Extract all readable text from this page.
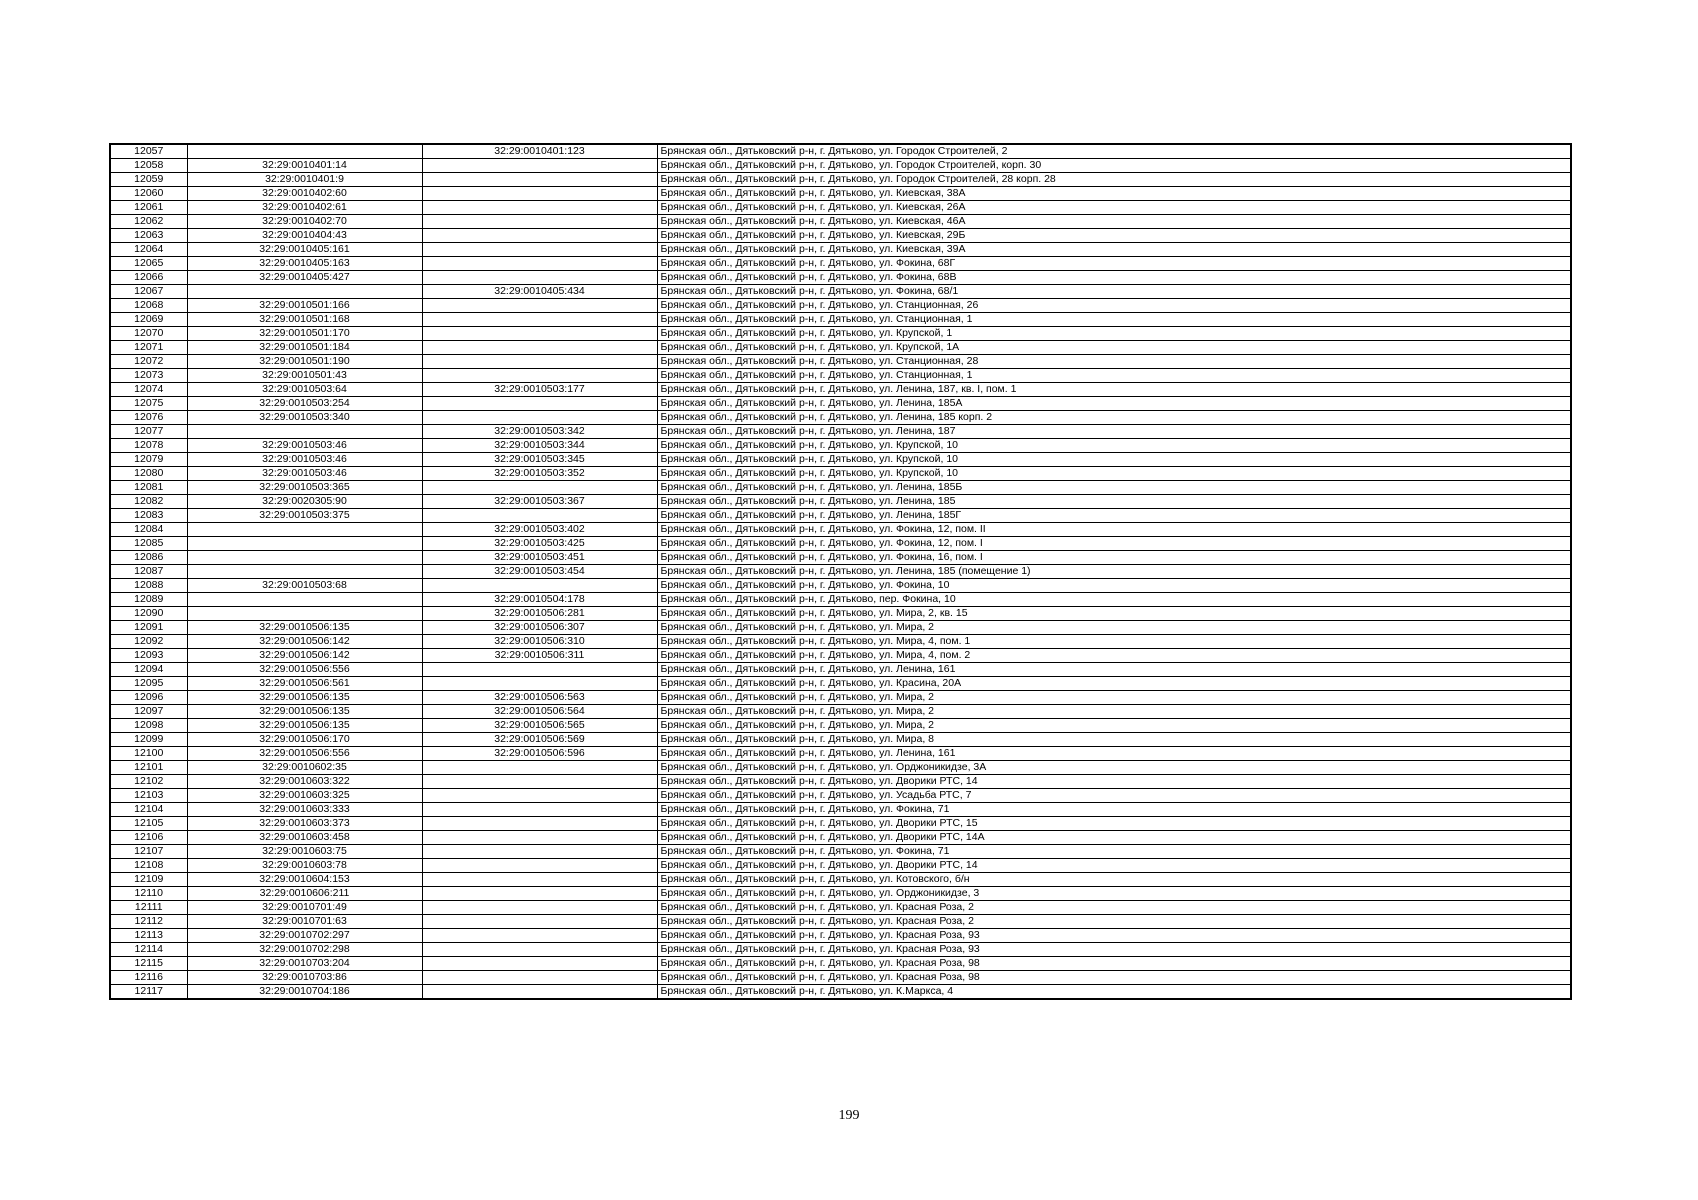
12057		32:29:0010401:123	Брянская обл., Дятьковский р-н, г. Дятьково, ул. Городок Строителей, 2
12058	32:29:0010401:14		Брянская обл., Дятьковский р-н, г. Дятьково, ул. Городок Строителей, корп. 30
12059	32:29:0010401:9		Брянская обл., Дятьковский р-н, г. Дятьково, ул. Городок Строителей, 28 корп. 28
12060	32:29:0010402:60		Брянская обл., Дятьковский р-н, г. Дятьково, ул. Киевская, 38А
12061	32:29:0010402:61		Брянская обл., Дятьковский р-н, г. Дятьково, ул. Киевская, 26А
12062	32:29:0010402:70		Брянская обл., Дятьковский р-н, г. Дятьково, ул. Киевская, 46А
12063	32:29:0010404:43		Брянская обл., Дятьковский р-н, г. Дятьково, ул. Киевская, 29Б
12064	32:29:0010405:161		Брянская обл., Дятьковский р-н, г. Дятьково, ул. Киевская, 39А
12065	32:29:0010405:163		Брянская обл., Дятьковский р-н, г. Дятьково, ул. Фокина, 68Г
12066	32:29:0010405:427		Брянская обл., Дятьковский р-н, г. Дятьково, ул. Фокина, 68В
12067		32:29:0010405:434	Брянская обл., Дятьковский р-н, г. Дятьково, ул. Фокина, 68/1
12068	32:29:0010501:166		Брянская обл., Дятьковский р-н, г. Дятьково, ул. Станционная, 26
12069	32:29:0010501:168		Брянская обл., Дятьковский р-н, г. Дятьково, ул. Станционная, 1
12070	32:29:0010501:170		Брянская обл., Дятьковский р-н, г. Дятьково, ул. Крупской, 1
12071	32:29:0010501:184		Брянская обл., Дятьковский р-н, г. Дятьково, ул. Крупской, 1А
12072	32:29:0010501:190		Брянская обл., Дятьковский р-н, г. Дятьково, ул. Станционная, 28
12073	32:29:0010501:43		Брянская обл., Дятьковский р-н, г. Дятьково, ул. Станционная, 1
12074	32:29:0010503:64	32:29:0010503:177	Брянская обл., Дятьковский р-н, г. Дятьково, ул. Ленина, 187, кв. I, пом. 1
12075	32:29:0010503:254		Брянская обл., Дятьковский р-н, г. Дятьково, ул. Ленина, 185А
12076	32:29:0010503:340		Брянская обл., Дятьковский р-н, г. Дятьково, ул. Ленина, 185 корп. 2
12077		32:29:0010503:342	Брянская обл., Дятьковский р-н, г. Дятьково, ул. Ленина, 187
12078	32:29:0010503:46	32:29:0010503:344	Брянская обл., Дятьковский р-н, г. Дятьково, ул. Крупской, 10
12079	32:29:0010503:46	32:29:0010503:345	Брянская обл., Дятьковский р-н, г. Дятьково, ул. Крупской, 10
12080	32:29:0010503:46	32:29:0010503:352	Брянская обл., Дятьковский р-н, г. Дятьково, ул. Крупской, 10
12081	32:29:0010503:365		Брянская обл., Дятьковский р-н, г. Дятьково, ул. Ленина, 185Б
12082	32:29:0020305:90	32:29:0010503:367	Брянская обл., Дятьковский р-н, г. Дятьково, ул. Ленина, 185
12083	32:29:0010503:375		Брянская обл., Дятьковский р-н, г. Дятьково, ул. Ленина, 185Г
12084		32:29:0010503:402	Брянская обл., Дятьковский р-н, г. Дятьково, ул. Фокина, 12, пом. II
12085		32:29:0010503:425	Брянская обл., Дятьковский р-н, г. Дятьково, ул. Фокина, 12, пом. I
12086		32:29:0010503:451	Брянская обл., Дятьковский р-н, г. Дятьково, ул. Фокина, 16, пом. I
12087		32:29:0010503:454	Брянская обл., Дятьковский р-н, г. Дятьково, ул. Ленина, 185 (помещение 1)
12088	32:29:0010503:68		Брянская обл., Дятьковский р-н, г. Дятьково, ул. Фокина, 10
12089		32:29:0010504:178	Брянская обл., Дятьковский р-н, г. Дятьково, пер. Фокина, 10
12090		32:29:0010506:281	Брянская обл., Дятьковский р-н, г. Дятьково, ул. Мира, 2, кв. 15
12091	32:29:0010506:135	32:29:0010506:307	Брянская обл., Дятьковский р-н, г. Дятьково, ул. Мира, 2
12092	32:29:0010506:142	32:29:0010506:310	Брянская обл., Дятьковский р-н, г. Дятьково, ул. Мира, 4, пом. 1
12093	32:29:0010506:142	32:29:0010506:311	Брянская обл., Дятьковский р-н, г. Дятьково, ул. Мира, 4, пом. 2
12094	32:29:0010506:556		Брянская обл., Дятьковский р-н, г. Дятьково, ул. Ленина, 161
12095	32:29:0010506:561		Брянская обл., Дятьковский р-н, г. Дятьково, ул. Красина, 20А
12096	32:29:0010506:135	32:29:0010506:563	Брянская обл., Дятьковский р-н, г. Дятьково, ул. Мира, 2
12097	32:29:0010506:135	32:29:0010506:564	Брянская обл., Дятьковский р-н, г. Дятьково, ул. Мира, 2
12098	32:29:0010506:135	32:29:0010506:565	Брянская обл., Дятьковский р-н, г. Дятьково, ул. Мира, 2
12099	32:29:0010506:170	32:29:0010506:569	Брянская обл., Дятьковский р-н, г. Дятьково, ул. Мира, 8
12100	32:29:0010506:556	32:29:0010506:596	Брянская обл., Дятьковский р-н, г. Дятьково, ул. Ленина, 161
12101	32:29:0010602:35		Брянская обл., Дятьковский р-н, г. Дятьково, ул. Орджоникидзе, 3А
12102	32:29:0010603:322		Брянская обл., Дятьковский р-н, г. Дятьково, ул. Дворики РТС, 14
12103	32:29:0010603:325		Брянская обл., Дятьковский р-н, г. Дятьково, ул. Усадьба РТС, 7
12104	32:29:0010603:333		Брянская обл., Дятьковский р-н, г. Дятьково, ул. Фокина, 71
12105	32:29:0010603:373		Брянская обл., Дятьковский р-н, г. Дятьково, ул. Дворики РТС, 15
12106	32:29:0010603:458		Брянская обл., Дятьковский р-н, г. Дятьково, ул. Дворики РТС, 14А
12107	32:29:0010603:75		Брянская обл., Дятьковский р-н, г. Дятьково, ул. Фокина, 71
12108	32:29:0010603:78		Брянская обл., Дятьковский р-н, г. Дятьково, ул. Дворики РТС, 14
12109	32:29:0010604:153		Брянская обл., Дятьковский р-н, г. Дятьково, ул. Котовского, б/н
12110	32:29:0010606:211		Брянская обл., Дятьковский р-н, г. Дятьково, ул. Орджоникидзе, 3
12111	32:29:0010701:49		Брянская обл., Дятьковский р-н, г. Дятьково, ул. Красная Роза, 2
12112	32:29:0010701:63		Брянская обл., Дятьковский р-н, г. Дятьково, ул. Красная Роза, 2
12113	32:29:0010702:297		Брянская обл., Дятьковский р-н, г. Дятьково, ул. Красная Роза, 93
12114	32:29:0010702:298		Брянская обл., Дятьковский р-н, г. Дятьково, ул. Красная Роза, 93
12115	32:29:0010703:204		Брянская обл., Дятьковский р-н, г. Дятьково, ул. Красная Роза, 98
12116	32:29:0010703:86		Брянская обл., Дятьковский р-н, г. Дятьково, ул. Красная Роза, 98
12117	32:29:0010704:186		Брянская обл., Дятьковский р-н, г. Дятьково, ул. К.Маркса, 4
199
